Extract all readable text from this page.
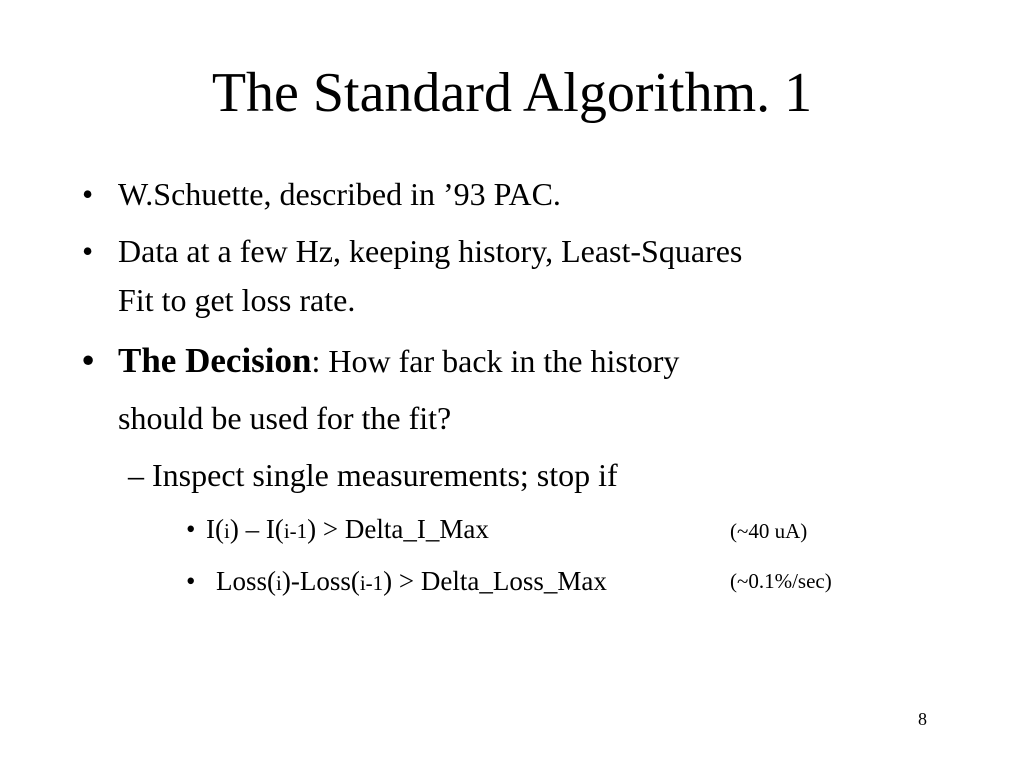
The Standard Algorithm. 1
• W.Schuette, described in ’93 PAC.
• Data at a few Hz, keeping history, Least-Squares
Fit to get loss rate.
• The Decision: How far back in the history
should be used for the fit?
– Inspect single measurements; stop if
• I(i) – I(i-1) > Delta_I_Max	(~40 uA)
• Loss(i)-Loss(i-1) > Delta_Loss_Max	(~0.1%/sec)
8
